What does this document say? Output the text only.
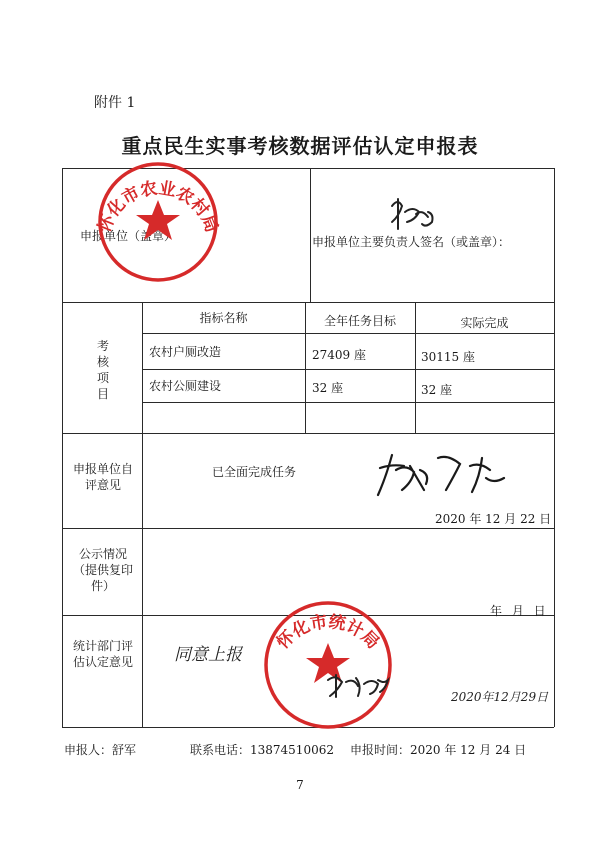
附件 1
重点民生实事考核数据评估认定申报表
申报单位（盖章）	申报单位主要负责人签名（或盖章）：
考核项目
指标名称	全年任务目标	实际完成
农村户厕改造	27409 座	30115 座
农村公厕建设	32 座	32 座
申报单位自评意见
已全面完成任务
2020 年 12 月 22 日
公示情况（提供复印件）
年 月 日
统计部门评估认定意见
怀化市农业农村局
怀化市统计局
同意上报
2020年12月29日
申报人：舒军	联系电话：13874510062 申报时间：2020 年 12 月 24 日
7
